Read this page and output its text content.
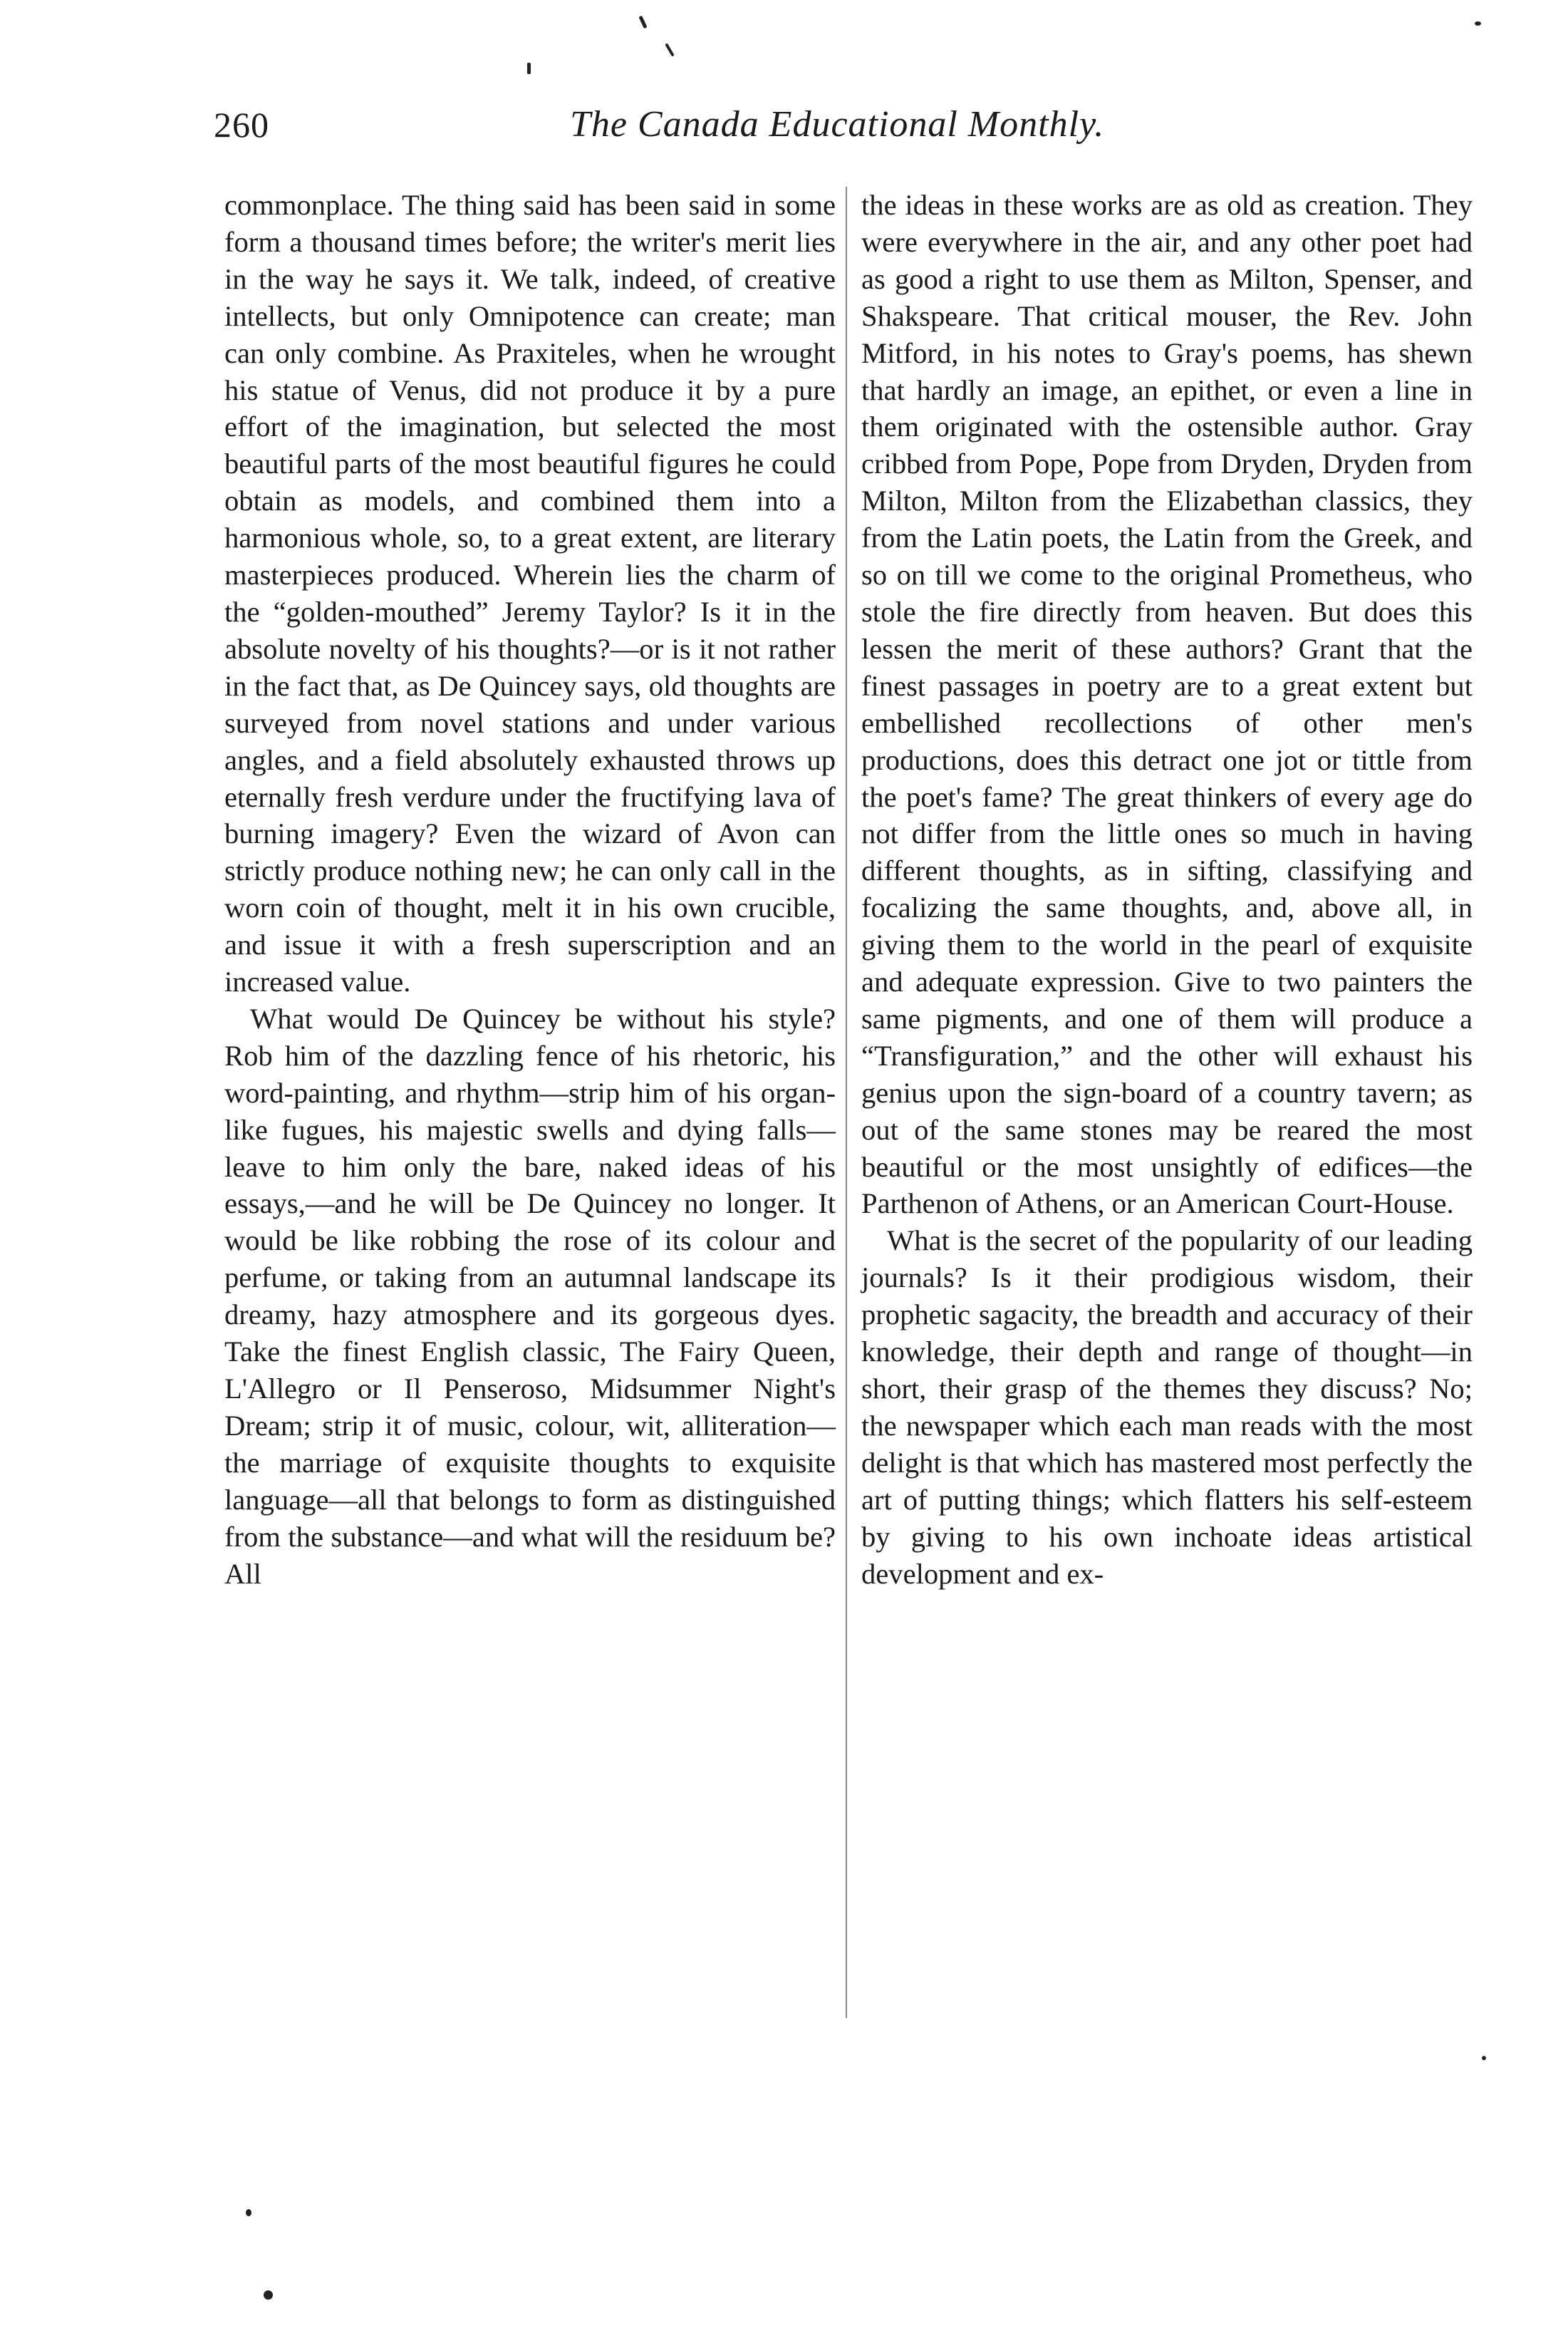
260	The Canada Educational Monthly.

commonplace. The thing said has been said in some form a thousand times before; the writer's merit lies in the way he says it. We talk, indeed, of creative intellects, but only Omnipotence can create; man can only combine. As Praxiteles, when he wrought his statue of Venus, did not produce it by a pure effort of the imagination, but selected the most beautiful parts of the most beautiful figures he could obtain as models, and combined them into a harmonious whole, so, to a great extent, are literary masterpieces produced. Wherein lies the charm of the “golden-mouthed” Jeremy Taylor? Is it in the absolute novelty of his thoughts?—or is it not rather in the fact that, as De Quincey says, old thoughts are surveyed from novel stations and under various angles, and a field absolutely exhausted throws up eternally fresh verdure under the fructifying lava of burning imagery? Even the wizard of Avon can strictly produce nothing new; he can only call in the worn coin of thought, melt it in his own crucible, and issue it with a fresh superscription and an increased value.

What would De Quincey be without his style? Rob him of the dazzling fence of his rhetoric, his word-painting, and rhythm—strip him of his organ-like fugues, his majestic swells and dying falls—leave to him only the bare, naked ideas of his essays,—and he will be De Quincey no longer. It would be like robbing the rose of its colour and perfume, or taking from an autumnal landscape its dreamy, hazy atmosphere and its gorgeous dyes. Take the finest English classic, The Fairy Queen, L'Allegro or Il Penseroso, Midsummer Night's Dream; strip it of music, colour, wit, alliteration—the marriage of exquisite thoughts to exquisite language—all that belongs to form as distinguished from the substance—and what will the residuum be? All

the ideas in these works are as old as creation. They were everywhere in the air, and any other poet had as good a right to use them as Milton, Spenser, and Shakspeare. That critical mouser, the Rev. John Mitford, in his notes to Gray's poems, has shewn that hardly an image, an epithet, or even a line in them originated with the ostensible author. Gray cribbed from Pope, Pope from Dryden, Dryden from Milton, Milton from the Elizabethan classics, they from the Latin poets, the Latin from the Greek, and so on till we come to the original Prometheus, who stole the fire directly from heaven. But does this lessen the merit of these authors? Grant that the finest passages in poetry are to a great extent but embellished recollections of other men's productions, does this detract one jot or tittle from the poet's fame? The great thinkers of every age do not differ from the little ones so much in having different thoughts, as in sifting, classifying and focalizing the same thoughts, and, above all, in giving them to the world in the pearl of exquisite and adequate expression. Give to two painters the same pigments, and one of them will produce a “Transfiguration,” and the other will exhaust his genius upon the sign-board of a country tavern; as out of the same stones may be reared the most beautiful or the most unsightly of edifices—the Parthenon of Athens, or an American Court-House.

What is the secret of the popularity of our leading journals? Is it their prodigious wisdom, their prophetic sagacity, the breadth and accuracy of their knowledge, their depth and range of thought—in short, their grasp of the themes they discuss? No; the newspaper which each man reads with the most delight is that which has mastered most perfectly the art of putting things; which flatters his self-esteem by giving to his own inchoate ideas artistical development and ex-
